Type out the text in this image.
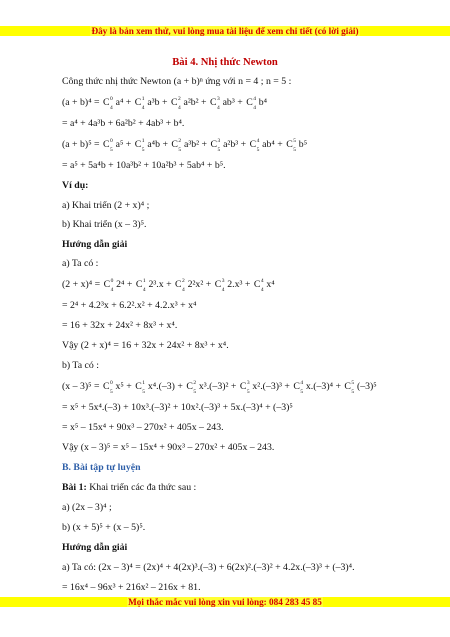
Đây là bản xem thử, vui lòng mua tài liệu để xem chi tiết (có lời giải)
Bài 4. Nhị thức Newton
Công thức nhị thức Newton (a + b)ⁿ ứng với n = 4 ; n = 5 :
(a + b)⁴ = C 0
4 a⁴ + C 1
4 a³b + C 2
4 a²b² + C 3
4 ab³ + C 4
4 b⁴
= a⁴ + 4a³b + 6a²b² + 4ab³ + b⁴.
(a + b)⁵ = C 0
5 a⁵ + C 1
5 a⁴b + C 2
5 a³b² + C 3
5 a²b³ + C 4
5 ab⁴ + C 5
5 b⁵
= a⁵ + 5a⁴b + 10a³b² + 10a²b³ + 5ab⁴ + b⁵.
Ví dụ:
a) Khai triển (2 + x)⁴ ;
b) Khai triển (x – 3)⁵.
Hướng dẫn giải
a) Ta có :
(2 + x)⁴ = C 0
4 2⁴ + C 1
4 2³.x + C 2
4 2²x² + C 3
4 2.x³ + C 4
4 x⁴
= 2⁴ + 4.2³x + 6.2².x² + 4.2.x³ + x⁴
= 16 + 32x + 24x² + 8x³ + x⁴.
Vậy (2 + x)⁴ = 16 + 32x + 24x² + 8x³ + x⁴.
b) Ta có :
(x – 3)⁵ = C 0
5 x⁵ + C 1
5 x⁴.(–3) + C 2
5 x³.(–3)² + C 3
5 x².(–3)³ + C 4
5 x.(–3)⁴ + C 5
5 (–3)⁵
= x⁵ + 5x⁴.(–3) + 10x³.(–3)² + 10x².(–3)³ + 5x.(–3)⁴ + (–3)⁵
= x⁵ – 15x⁴ + 90x³ – 270x² + 405x – 243.
Vậy (x – 3)⁵ = x⁵ – 15x⁴ + 90x³ – 270x² + 405x – 243.
B. Bài tập tự luyện
Bài 1: Khai triển các đa thức sau :
a) (2x – 3)⁴ ;
b) (x + 5)⁵ + (x – 5)⁵.
Hướng dẫn giải
a) Ta có: (2x – 3)⁴ = (2x)⁴ + 4(2x)³.(–3) + 6(2x)².(–3)² + 4.2x.(–3)³ + (–3)⁴.
= 16x⁴ – 96x³ + 216x² – 216x + 81.
Mọi thắc mắc vui lòng xin vui lòng: 084 283 45 85
